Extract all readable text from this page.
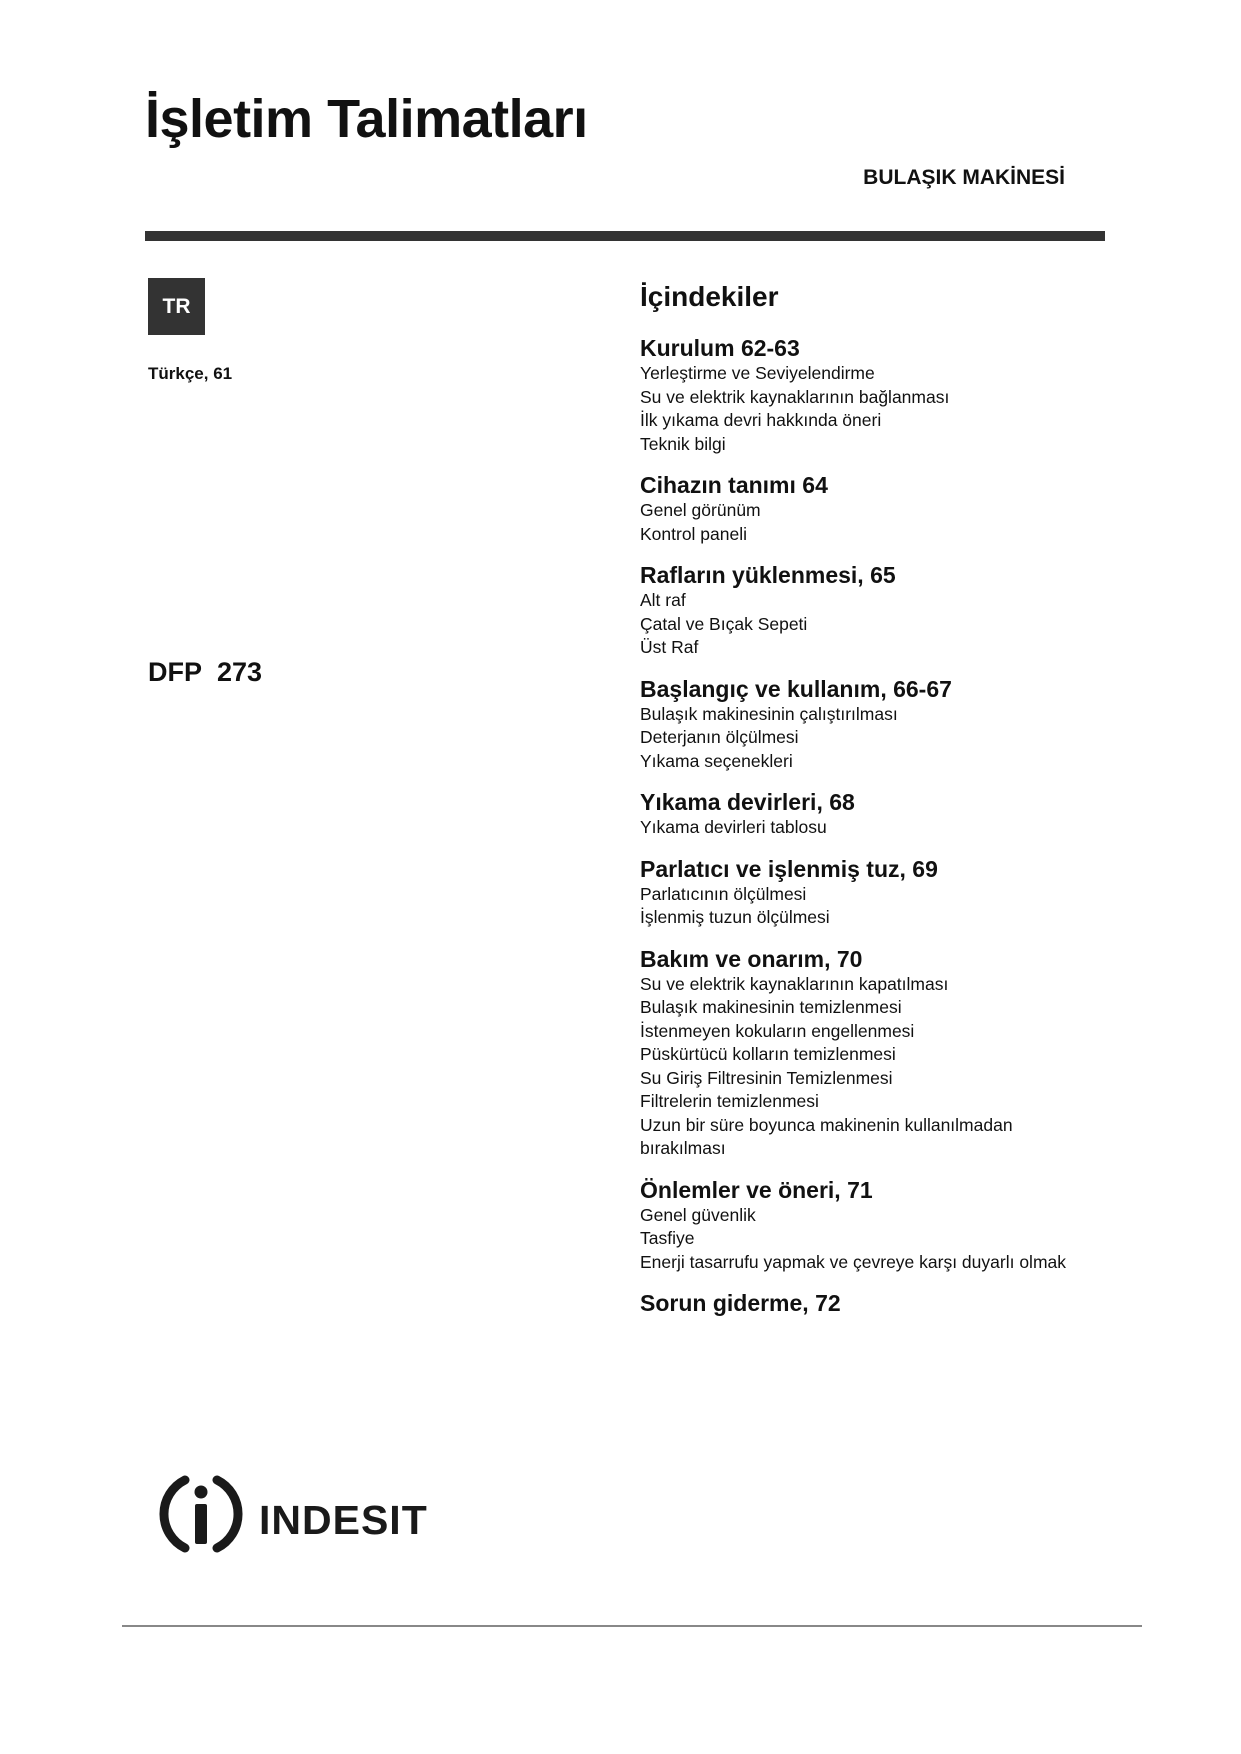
İşletim Talimatları
BULAŞIK MAKİNESİ
TR
Türkçe, 61
DFP 273
İçindekiler
Kurulum 62-63
Yerleştirme ve Seviyelendirme
Su ve elektrik kaynaklarının bağlanması
İlk yıkama devri hakkında öneri
Teknik bilgi
Cihazın tanımı 64
Genel görünüm
Kontrol paneli
Rafların yüklenmesi, 65
Alt raf
Çatal ve Bıçak Sepeti
Üst Raf
Başlangıç ve kullanım, 66-67
Bulaşık makinesinin çalıştırılması
Deterjanın ölçülmesi
Yıkama seçenekleri
Yıkama devirleri, 68
Yıkama devirleri tablosu
Parlatıcı ve işlenmiş tuz, 69
Parlatıcının ölçülmesi
İşlenmiş tuzun ölçülmesi
Bakım ve onarım, 70
Su ve elektrik kaynaklarının kapatılması
Bulaşık makinesinin temizlenmesi
İstenmeyen kokuların engellenmesi
Püskürtücü kolların temizlenmesi
Su Giriş Filtresinin Temizlenmesi
Filtrelerin temizlenmesi
Uzun bir süre boyunca makinenin kullanılmadan
bırakılması
Önlemler ve öneri, 71
Genel güvenlik
Tasfiye
Enerji tasarrufu yapmak ve çevreye karşı duyarlı olmak
Sorun giderme, 72
indesit
